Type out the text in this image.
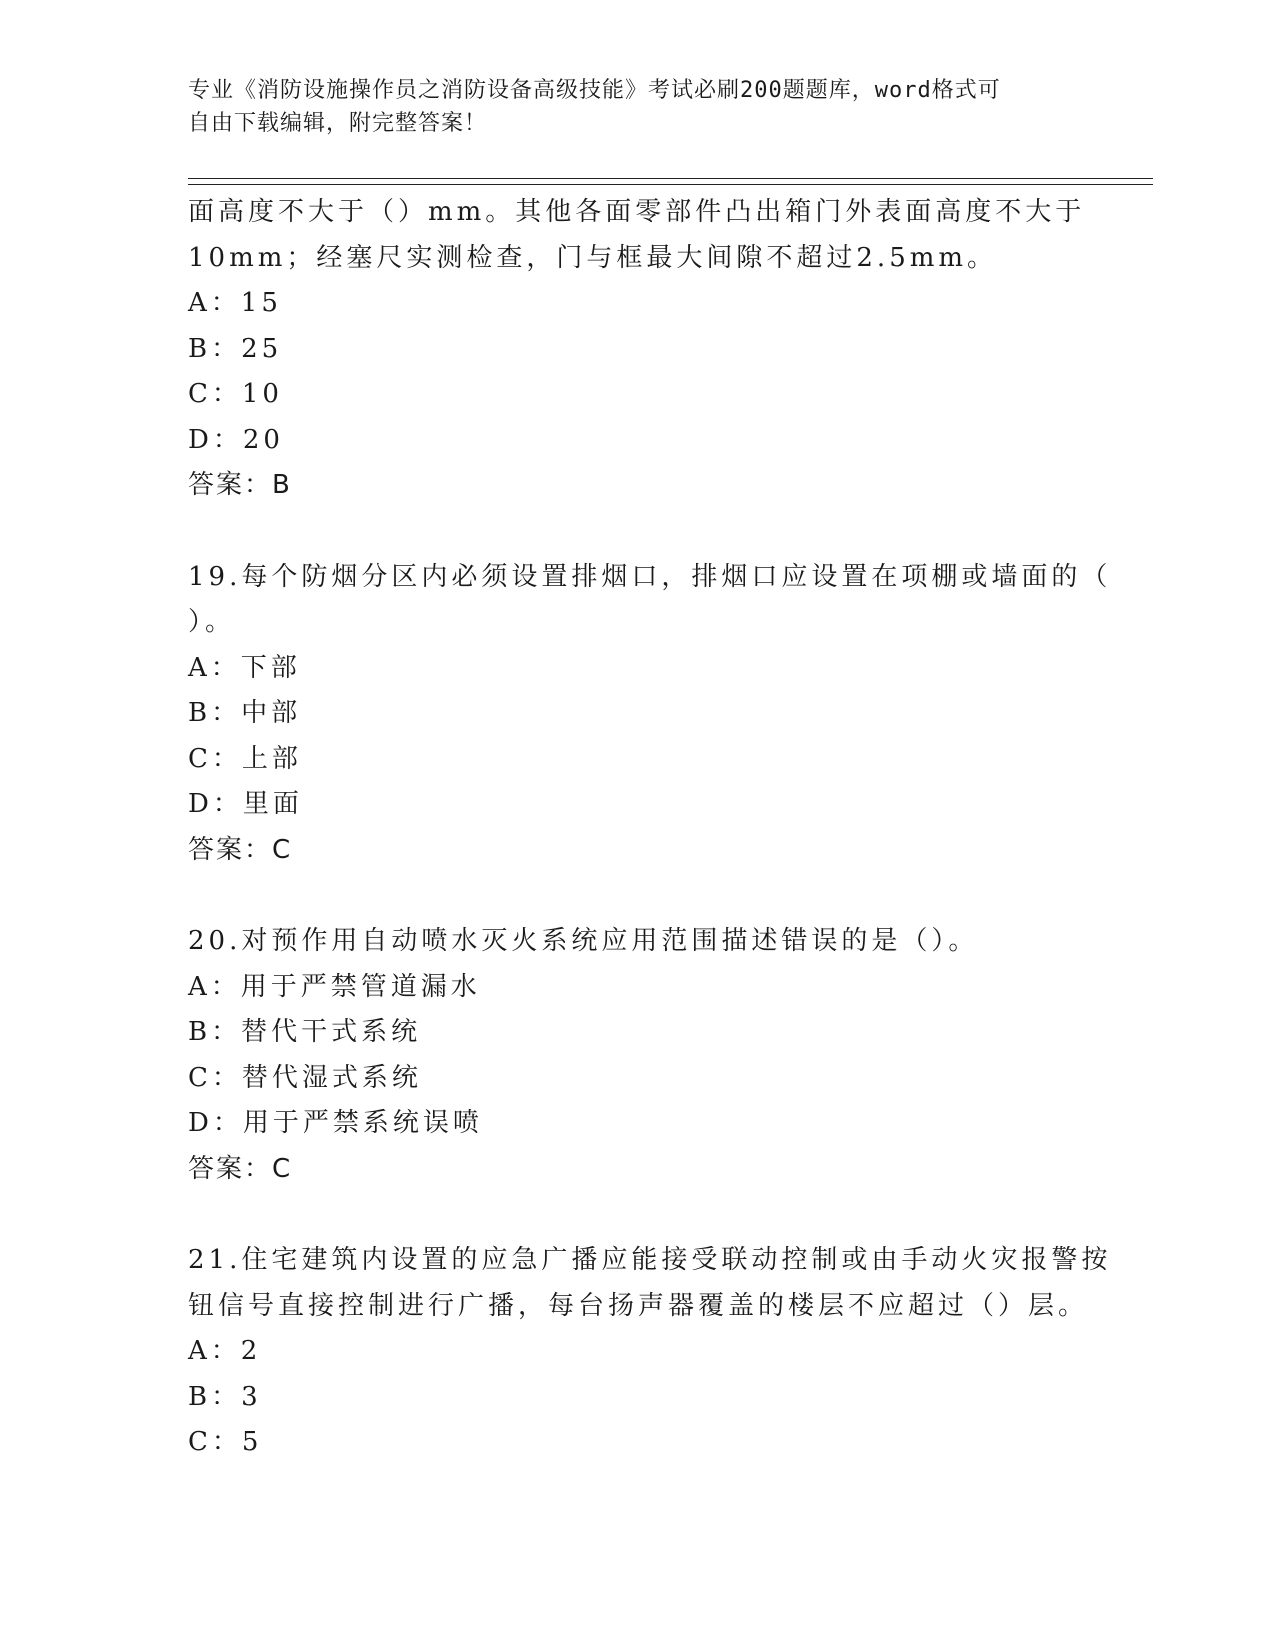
专业《消防设施操作员之消防设备高级技能》考试必刷200题题库，word格式可
自由下载编辑，附完整答案！
面高度不大于（）mm。其他各面零部件凸出箱门外表面高度不大于
10mm；经塞尺实测检查，门与框最大间隙不超过2.5mm。
A：15
B：25
C：10
D：20
答案：B
19.每个防烟分区内必须设置排烟口，排烟口应设置在项棚或墙面的（
）。
A：下部
B：中部
C：上部
D：里面
答案：C
20.对预作用自动喷水灭火系统应用范围描述错误的是（）。
A：用于严禁管道漏水
B：替代干式系统
C：替代湿式系统
D：用于严禁系统误喷
答案：C
21.住宅建筑内设置的应急广播应能接受联动控制或由手动火灾报警按
钮信号直接控制进行广播，每台扬声器覆盖的楼层不应超过（）层。
A：2
B：3
C：5
